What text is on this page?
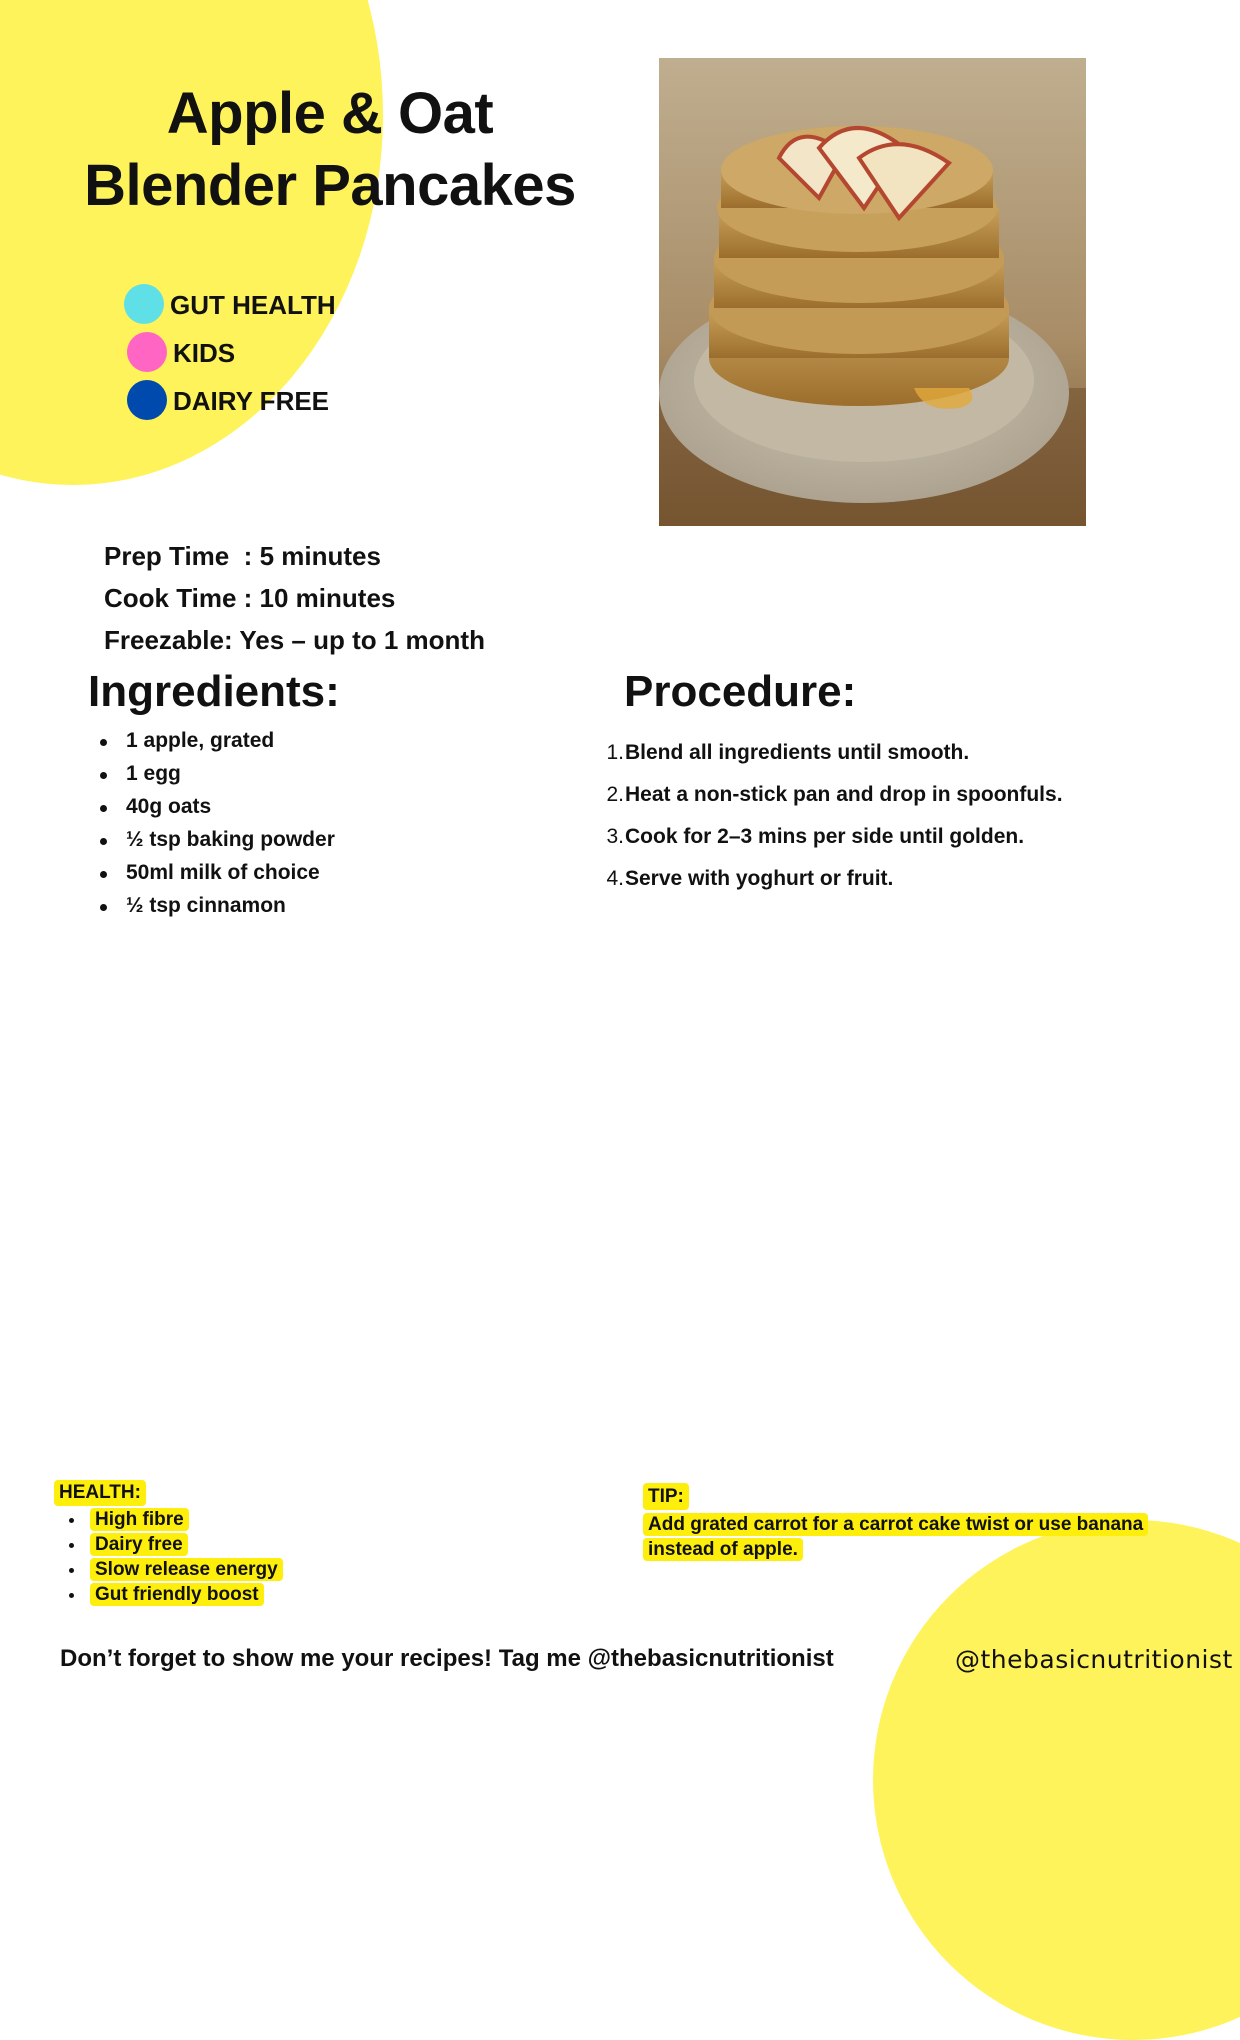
Apple & Oat
Blender Pancakes
GUT HEALTH
KIDS
DAIRY FREE
Prep Time  : 5 minutes
Cook Time : 10 minutes
Freezable: Yes – up to 1 month
Ingredients:	Procedure:
1 apple, grated
1 egg
40g oats
½ tsp baking powder
50ml milk of choice
½ tsp cinnamon
1. Blend all ingredients until smooth.
2. Heat a non-stick pan and drop in spoonfuls.
3. Cook for 2–3 mins per side until golden.
4. Serve with yoghurt or fruit.
HEALTH:
High fibre
Dairy free
Slow release energy
Gut friendly boost
TIP:
Add grated carrot for a carrot cake twist or use banana
instead of apple.
Don’t forget to show me your recipes! Tag me @thebasicnutritionist	@thebasicnutritionist
